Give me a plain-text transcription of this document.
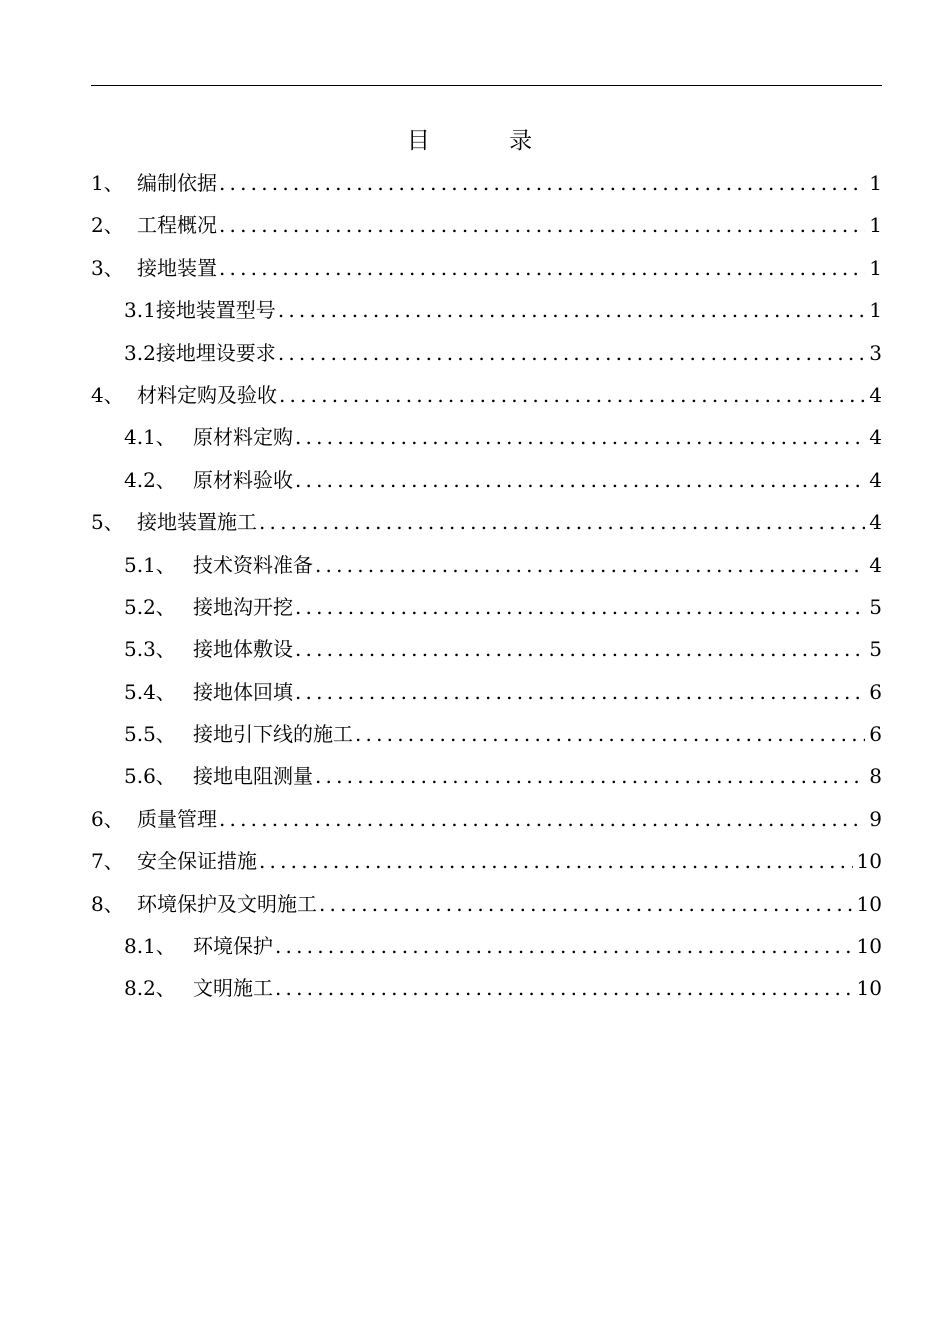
目 录
1、 编制依据 .....	1
2、 工程概况 .....	1
3、 接地装置 .....	1
3.1 接地装置型号 .....	1
3.2 接地埋设要求 .....	3
4、 材料定购及验收 .....	4
4.1、 原材料定购 .....	4
4.2、 原材料验收 .....	4
5、 接地装置施工 .....	4
5.1、 技术资料准备 .....	4
5.2、 接地沟开挖 .....	5
5.3、 接地体敷设 .....	5
5.4、 接地体回填 .....	6
5.5、 接地引下线的施工 .....	6
5.6、 接地电阻测量 .....	8
6、 质量管理 .....	9
7、 安全保证措施 .....	10
8、 环境保护及文明施工 .....	10
8.1、 环境保护 .....	10
8.2、 文明施工 .....	10
